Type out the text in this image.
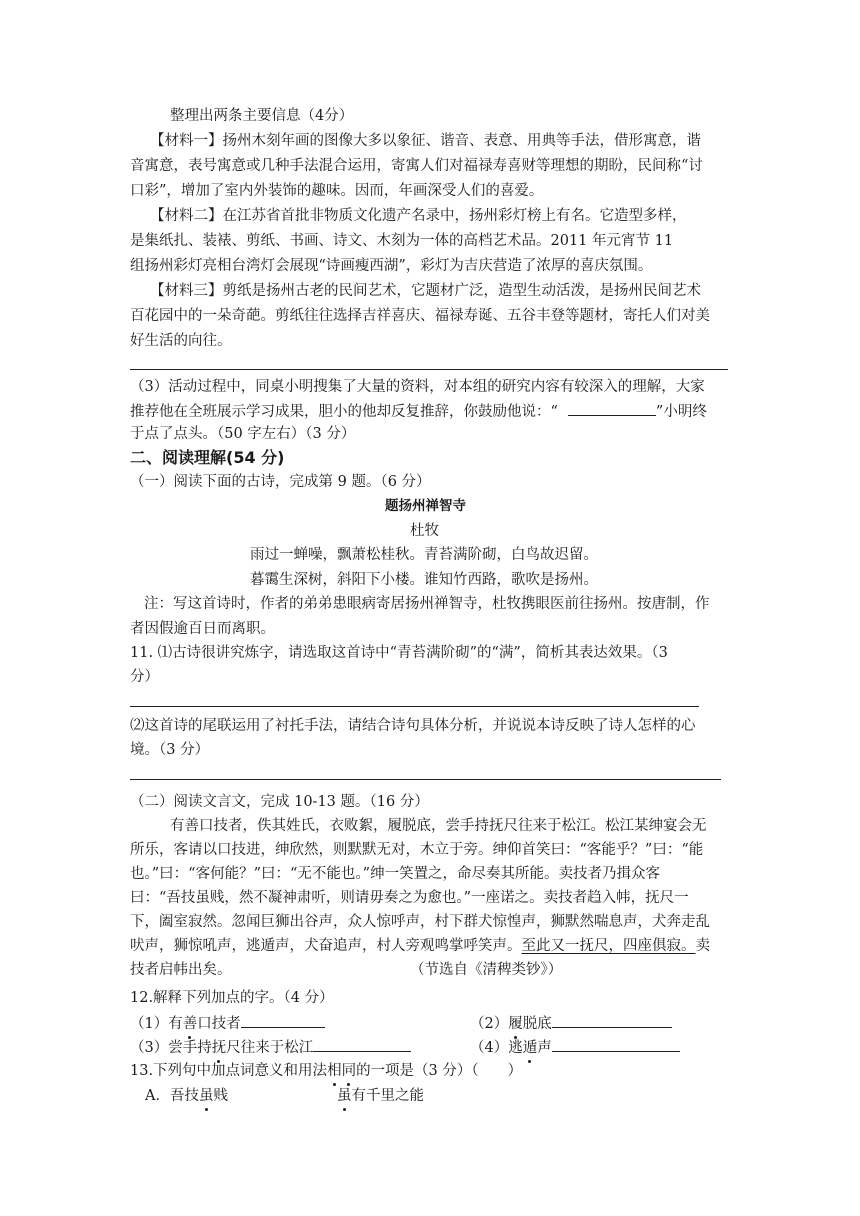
整理出两条主要信息（4分）
【材料一】扬州木刻年画的图像大多以象征、谐音、表意、用典等手法，借形寓意，谐
音寓意，表号寓意或几种手法混合运用，寄寓人们对福禄寿喜财等理想的期盼，民间称“讨
口彩”，增加了室内外装饰的趣味。因而，年画深受人们的喜爱。
【材料二】在江苏省首批非物质文化遗产名录中，扬州彩灯榜上有名。它造型多样，
是集纸扎、装裱、剪纸、书画、诗文、木刻为一体的高档艺术品。2011 年元宵节 11
组扬州彩灯亮相台湾灯会展现“诗画瘦西湖”，彩灯为吉庆营造了浓厚的喜庆氛围。
【材料三】剪纸是扬州古老的民间艺术，它题材广泛，造型生动活泼，是扬州民间艺术
百花园中的一朵奇葩。剪纸往往选择吉祥喜庆、福禄寿诞、五谷丰登等题材，寄托人们对美
好生活的向往。
（3）活动过程中，同桌小明搜集了大量的资料，对本组的研究内容有较深入的理解，大家
推荐他在全班展示学习成果，胆小的他却反复推辞，你鼓励他说：“	”小明终
于点了点头。（50 字左右）（3 分）
二、阅读理解(54 分)
（一）阅读下面的古诗，完成第 9 题。（6 分）
题扬州禅智寺
杜牧
雨过一蝉噪，飘萧松桂秋。青苔满阶砌，白鸟故迟留。
暮霭生深树，斜阳下小楼。谁知竹西路，歌吹是扬州。
注：写这首诗时，作者的弟弟患眼病寄居扬州禅智寺，杜牧携眼医前往扬州。按唐制，作
者因假逾百日而离职。
11. ⑴古诗很讲究炼字，请选取这首诗中“青苔满阶砌”的“满”，简析其表达效果。（3
分）
⑵这首诗的尾联运用了衬托手法，请结合诗句具体分析，并说说本诗反映了诗人怎样的心
境。（3 分）
（二）阅读文言文，完成 10-13 题。（16 分）
有善口技者，佚其姓氏，衣败絮，履脱底，尝手持抚尺往来于松江。松江某绅宴会无
所乐，客请以口技进，绅欣然，则默默无对，木立于旁。绅仰首笑曰：“客能乎？”曰：“能
也。”曰：“客何能？”曰：“无不能也。”绅一笑置之，命尽奏其所能。卖技者乃揖众客
曰：“吾技虽贱，然不凝神肃听，则请毋奏之为愈也。”一座诺之。卖技者趋入帏，抚尺一
下，阖室寂然。忽闻巨狮出谷声，众人惊呼声，村下群犬惊惶声，狮默然喘息声，犬奔走乱
吠声，狮惊吼声，逃遁声，犬奋追声，村人旁观鸣掌呼笑声。至此又一抚尺，四座俱寂。卖
技者启帏出矣。	（节选自《清稗类钞》）
12.解释下列加点的字。（4 分）
（1）有善口技者	（2）履脱底
（3）尝手持抚尺往来于松江	（4）逃遁声
13.下列句中加点词意义和用法相同的一项是（3 分）（　　）
A．吾技虽贱	虽有千里之能
